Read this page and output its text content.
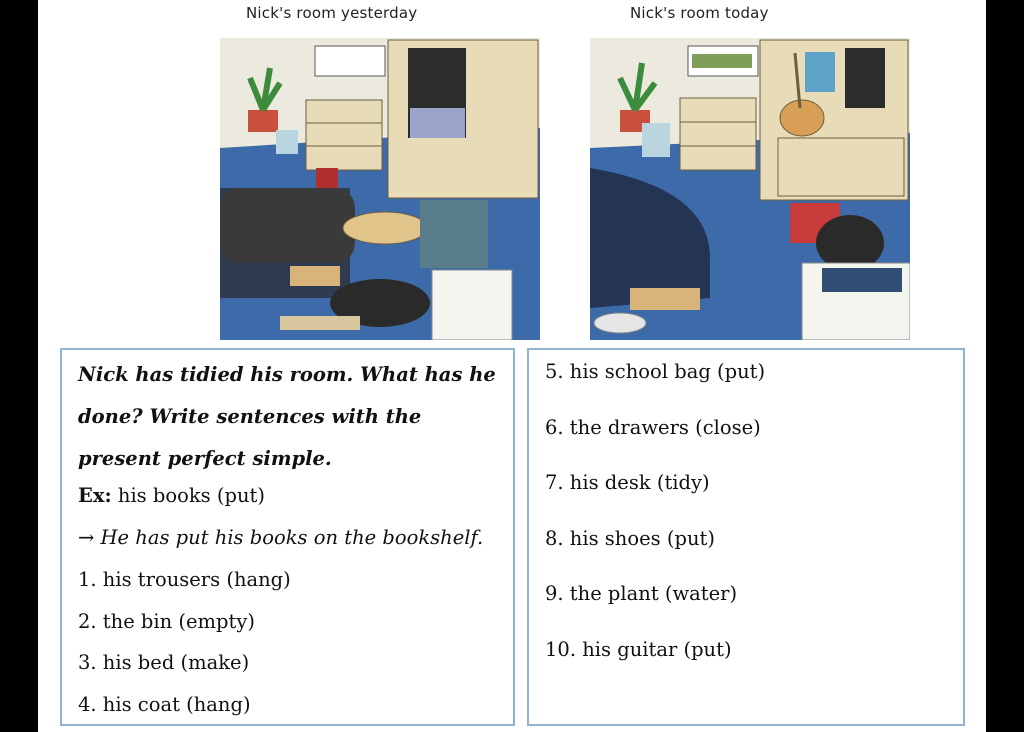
Nick's room yesterday	Nick's room today
Nick has tidied his room. What has he done? Write sentences with the present perfect simple.
Ex: his books (put)
→ He has put his books on the bookshelf.
1. his trousers (hang)
2. the bin (empty)
3. his bed (make)
4. his coat (hang)
5. his school bag (put)
6. the drawers (close)
7. his desk (tidy)
8. his shoes (put)
9. the plant (water)
10. his guitar (put)
